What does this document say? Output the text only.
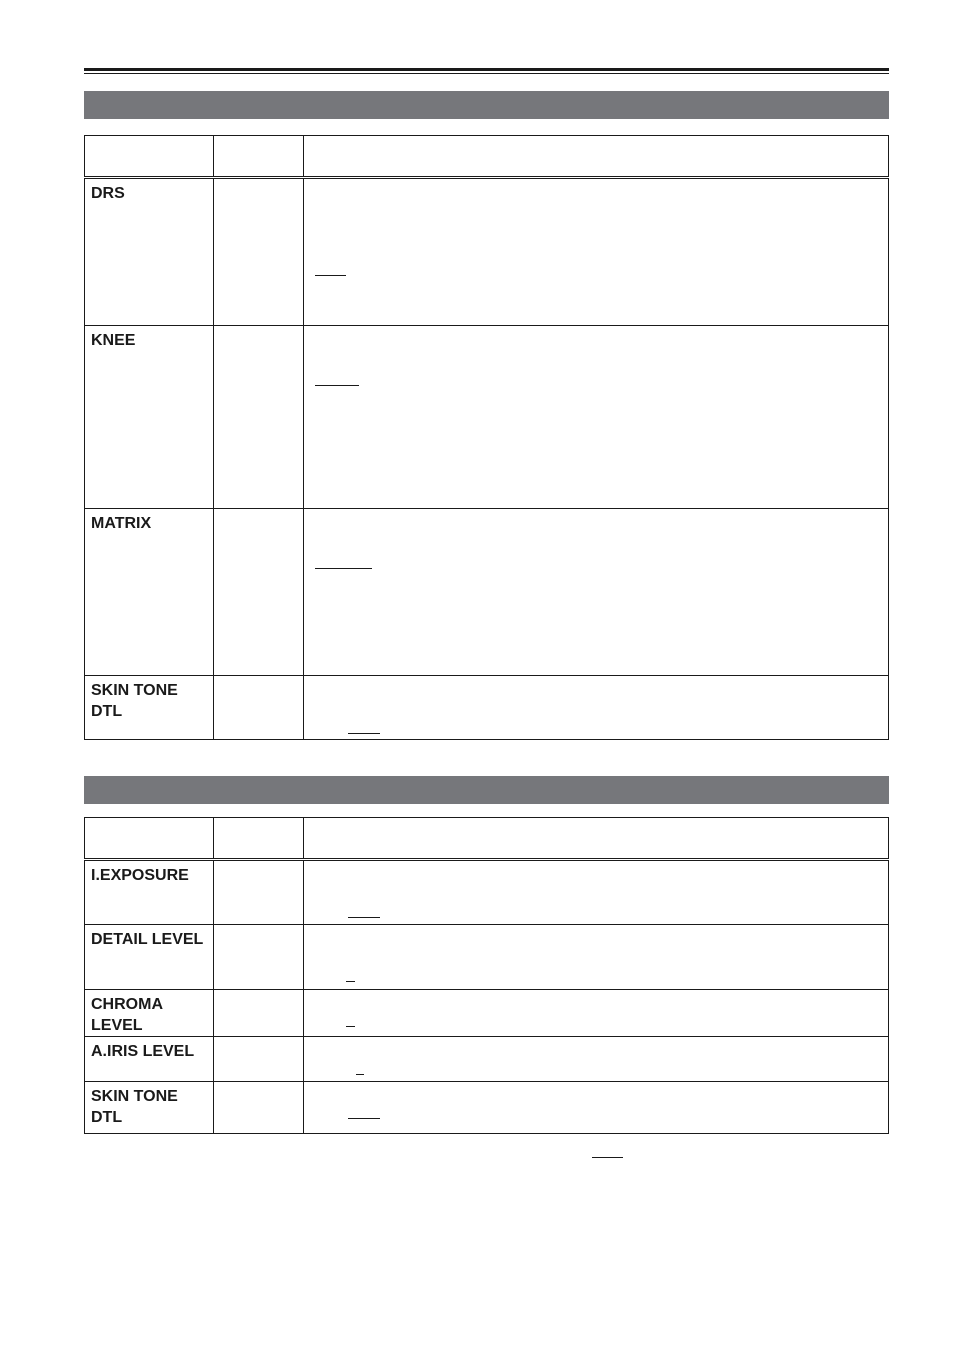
DRS		

KNEE		

MATRIX		

SKIN TONE
DTL		

I.EXPOSURE		

DETAIL LEVEL		

CHROMA
LEVEL		

A.IRIS LEVEL		

SKIN TONE
DTL		
